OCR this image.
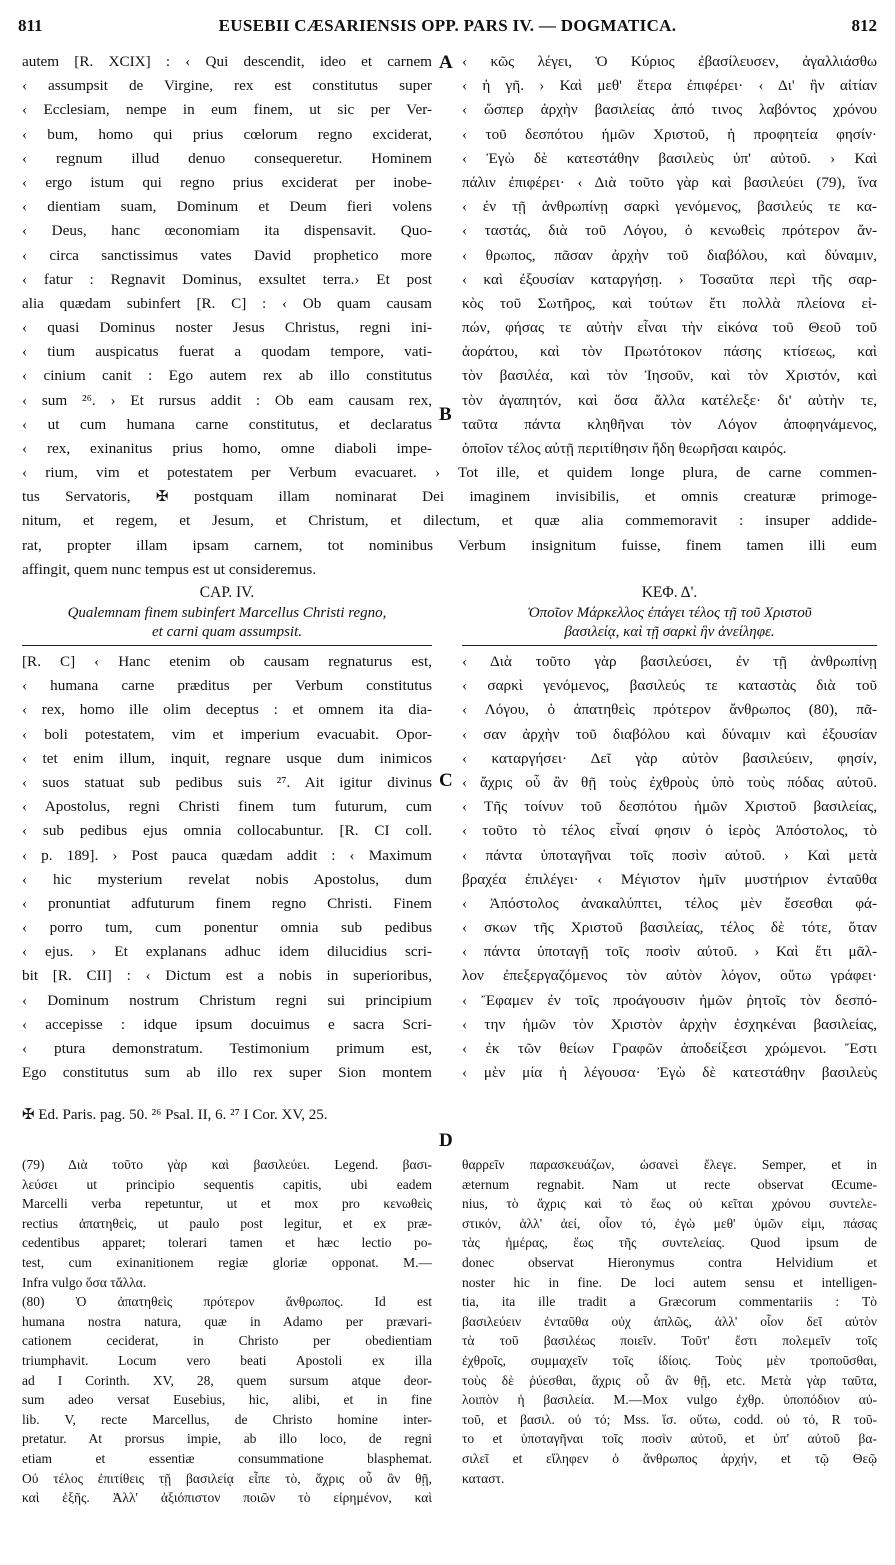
811	EUSEBII CÆSARIENSIS OPP. PARS IV. — DOGMATICA.	812
A
B
C
D
autem [R. XCIX] : ‹ Qui descendit, ideo et carnem
‹ assumpsit de Virgine, rex est constitutus super
‹ Ecclesiam, nempe in eum finem, ut sic per Ver-
‹ bum, homo qui prius cœlorum regno exciderat,
‹ regnum illud denuo consequeretur. Hominem
‹ ergo istum qui regno prius exciderat per inobe-
‹ dientiam suam, Dominum et Deum fieri volens
‹ Deus, hanc œconomiam ita dispensavit. Quo-
‹ circa sanctissimus vates David prophetico more
‹ fatur : Regnavit Dominus, exsultet terra.› Et post
alia quædam subinfert [R. C] : ‹ Ob quam causam
‹ quasi Dominus noster Jesus Christus, regni ini-
‹ tium auspicatus fuerat a quodam tempore, vati-
‹ cinium canit : Ego autem rex ab illo constitutus
‹ sum ²⁶. › Et rursus addit : Ob eam causam rex,
‹ ut cum humana carne constitutus, et declaratus
‹ rex, exinanitus prius homo, omne diaboli impe-
‹ κῶς λέγει, Ὁ Κύριος ἐβασίλευσεν, ἀγαλλιάσθω
‹ ἡ γῆ. › Καὶ μεθ' ἕτερα ἐπιφέρει· ‹ Δι' ἣν αἰτίαν
‹ ὥσπερ ἀρχὴν βασιλείας ἀπό τινος λαβόντος χρόνου
‹ τοῦ δεσπότου ἡμῶν Χριστοῦ, ἡ προφητεία φησίν·
‹ Ἐγὼ δὲ κατεστάθην βασιλεὺς ὑπ' αὐτοῦ. › Καὶ
πάλιν ἐπιφέρει· ‹ Διὰ τοῦτο γὰρ καὶ βασιλεύει (79), ἵνα
‹ ἐν τῇ ἀνθρωπίνῃ σαρκὶ γενόμενος, βασιλεύς τε κα-
‹ ταστάς, διὰ τοῦ Λόγου, ὁ κενωθεὶς πρότερον ἄν-
‹ θρωπος, πᾶσαν ἀρχὴν τοῦ διαβόλου, καὶ δύναμιν,
‹ καὶ ἐξουσίαν καταργήσῃ. › Τοσαῦτα περὶ τῆς σαρ-
κὸς τοῦ Σωτῆρος, καὶ τούτων ἔτι πολλὰ πλείονα εἰ-
πών, φήσας τε αὐτὴν εἶναι τὴν εἰκόνα τοῦ Θεοῦ τοῦ
ἀοράτου, καὶ τὸν Πρωτότοκον πάσης κτίσεως, καὶ
τὸν βασιλέα, καὶ τὸν Ἰησοῦν, καὶ τὸν Χριστόν, καὶ
τὸν ἀγαπητόν, καὶ ὅσα ἄλλα κατέλεξε· δι' αὐτὴν τε,
ταῦτα πάντα κληθῆναι τὸν Λόγον ἀποφηνάμενος,
ὁποῖον τέλος αὐτῇ περιτίθησιν ἤδη θεωρῆσαι καιρός.
‹ rium, vim et potestatem per Verbum evacuaret. › Tot ille, et quidem longe plura, de carne commen-
tus Servatoris, ✠ postquam illam nominarat Dei imaginem invisibilis, et omnis creaturæ primoge-
nitum, et regem, et Jesum, et Christum, et dilectum, et quæ alia commemoravit : insuper addide-
rat, propter illam ipsam carnem, tot nominibus Verbum insignitum fuisse, finem tamen illi eum
affingit, quem nunc tempus est ut consideremus.
CAP. IV.
Qualemnam finem subinfert Marcellus Christi regno,
et carni quam assumpsit.
ΚΕΦ. Δ'.
Ὁποῖον Μάρκελλος ἐπάγει τέλος τῇ τοῦ Χριστοῦ
βασιλείᾳ, καὶ τῇ σαρκὶ ἣν ἀνείληφε.
[R. C] ‹ Hanc etenim ob causam regnaturus est,
‹ humana carne præditus per Verbum constitutus
‹ rex, homo ille olim deceptus : et omnem ita dia-
‹ boli potestatem, vim et imperium evacuabit. Opor-
‹ tet enim illum, inquit, regnare usque dum inimicos
‹ suos statuat sub pedibus suis ²⁷. Ait igitur divinus
‹ Apostolus, regni Christi finem tum futurum, cum
‹ sub pedibus ejus omnia collocabuntur. [R. CI coll.
‹ p. 189]. › Post pauca quædam addit : ‹ Maximum
‹ hic mysterium revelat nobis Apostolus, dum
‹ pronuntiat adfuturum finem regno Christi. Finem
‹ porro tum, cum ponentur omnia sub pedibus
‹ ejus. › Et explanans adhuc idem dilucidius scri-
bit [R. CII] : ‹ Dictum est a nobis in superioribus,
‹ Dominum nostrum Christum regni sui principium
‹ accepisse : idque ipsum docuimus e sacra Scri-
‹ ptura demonstratum. Testimonium primum est,
Ego constitutus sum ab illo rex super Sion montem
‹ Διὰ τοῦτο γὰρ βασιλεύσει, ἐν τῇ ἀνθρωπίνῃ
‹ σαρκὶ γενόμενος, βασιλεύς τε καταστὰς διὰ τοῦ
‹ Λόγου, ὁ ἀπατηθεὶς πρότερον ἄνθρωπος (80), πᾶ-
‹ σαν ἀρχὴν τοῦ διαβόλου καὶ δύναμιν καὶ ἐξουσίαν
‹ καταργήσει· Δεῖ γὰρ αὐτὸν βασιλεύειν, φησίν,
‹ ἄχρις οὗ ἂν θῇ τοὺς ἐχθροὺς ὑπὸ τοὺς πόδας αὐτοῦ.
‹ Τῆς τοίνυν τοῦ δεσπότου ἡμῶν Χριστοῦ βασιλείας,
‹ τοῦτο τὸ τέλος εἶναί φησιν ὁ ἱερὸς Ἀπόστολος, τὸ
‹ πάντα ὑποταγῆναι τοῖς ποσὶν αὐτοῦ. › Καὶ μετὰ
βραχέα ἐπιλέγει· ‹ Μέγιστον ἡμῖν μυστήριον ἐνταῦθα
‹ Ἀπόστολος ἀνακαλύπτει, τέλος μὲν ἔσεσθαι φά-
‹ σκων τῆς Χριστοῦ βασιλείας, τέλος δὲ τότε, ὅταν
‹ πάντα ὑποταγῇ τοῖς ποσὶν αὐτοῦ. › Καὶ ἔτι μᾶλ-
λον ἐπεξεργαζόμενος τὸν αὐτὸν λόγον, οὕτω γράφει·
‹ Ἔφαμεν ἐν τοῖς προάγουσιν ἡμῶν ῥητοῖς τὸν δεσπό-
‹ την ἡμῶν τὸν Χριστὸν ἀρχὴν ἐσχηκέναι βασιλείας,
‹ ἐκ τῶν θείων Γραφῶν ἀποδείξεσι χρώμενοι. Ἔστι
‹ μὲν μία ἡ λέγουσα· Ἐγὼ δὲ κατεστάθην βασιλεὺς
✠ Ed. Paris. pag. 50. ²⁶ Psal. II, 6. ²⁷ I Cor. XV, 25.
(79) Διὰ τοῦτο γὰρ καὶ βασιλεύει. Legend. βασι-
λεύσει ut principio sequentis capitis, ubi eadem
Marcelli verba repetuntur, ut et mox pro κενωθεὶς
rectius ἀπατηθεὶς, ut paulo post legitur, et ex præ-
cedentibus apparet; tolerari tamen et hæc lectio po-
test, cum exinanitionem regiæ gloriæ opponat. M.—
Infra vulgo ὅσα τἄλλα.
(80) Ὁ ἀπατηθεὶς πρότερον ἄνθρωπος. Id est
humana nostra natura, quæ in Adamo per prævari-
cationem ceciderat, in Christo per obedientiam
triumphavit. Locum vero beati Apostoli ex illa
ad I Corinth. XV, 28, quem sursum atque deor-
sum adeo versat Eusebius, hic, alibi, et in fine
lib. V, recte Marcellus, de Christo homine inter-
pretatur. At prorsus impie, ab illo loco, de regni
etiam et essentiæ consummatione blasphemat.
Οὐ τέλος ἐπιτίθεις τῇ βασιλείᾳ εἶπε τὸ, ἄχρις οὗ ἂν θῇ,
καὶ ἑξῆς. Ἀλλ' ἀξιόπιστον ποιῶν τὸ εἰρημένον, καὶ
θαρρεῖν παρασκευάζων, ὡσανεὶ ἔλεγε. Semper, et in
æternum regnabit. Nam ut recte observat Œcume-
nius, τὸ ἄχρις καὶ τὸ ἕως οὐ κεῖται χρόνου συντελε-
στικόν, ἀλλ' ἀεί, οἷον τό, ἐγὼ μεθ' ὑμῶν εἰμι, πάσας
τὰς ἡμέρας, ἕως τῆς συντελείας. Quod ipsum de
donec observat Hieronymus contra Helvidium et
noster hic in fine. De loci autem sensu et intelligen-
tia, ita ille tradit a Græcorum commentariis : Τὸ
βασιλεύειν ἐνταῦθα οὐχ ἁπλῶς, ἀλλ' οἷον δεῖ αὐτὸν
τὰ τοῦ βασιλέως ποιεῖν. Τοῦτ' ἔστι πολεμεῖν τοῖς
ἐχθροῖς, συμμαχεῖν τοῖς ἰδίοις. Τοὺς μὲν τροποῦσθαι,
τοὺς δὲ ῥύεσθαι, ἄχρις οὗ ἂν θῇ, etc. Μετὰ γὰρ ταῦτα,
λοιπὸν ἡ βασιλεία. M.—Mox vulgo ἐχθρ. ὑποπόδιον αὐ-
τοῦ, et βασιλ. οὐ τό; Mss. ἵσ. οὕτω, codd. οὐ τό, R τοῦ-
το et ὑποταγῆναι τοῖς ποσὶν αὐτοῦ, et ὑπ' αὐτοῦ βα-
σιλεῖ et εἴληφεν ὁ ἄνθρωπος ἀρχήν, et τῷ Θεῷ
καταστ.
